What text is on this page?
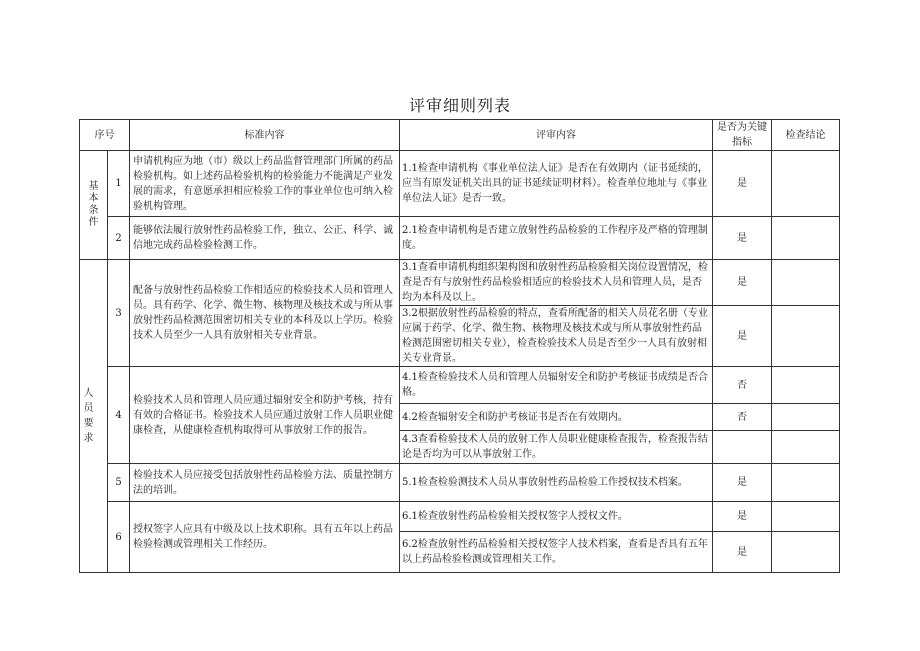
评审细则列表
序号		标准内容	评审内容	是否为关键指标	检查结论
基本条件	1	申请机构应为地（市）级以上药品监督管理部门所属的药品检验机构。如上述药品检验机构的检验能力不能满足产业发展的需求，有意愿承担相应检验工作的事业单位也可纳入检验机构管理。	1.1检查申请机构《事业单位法人证》是否在有效期内（证书延续的，应当有原发证机关出具的证书延续证明材料）。检查单位地址与《事业单位法人证》是否一致。	是	
	2	能够依法履行放射性药品检验工作，独立、公正、科学、诚信地完成药品检验检测工作。	2.1检查申请机构是否建立放射性药品检验的工作程序及严格的管理制度。	是	
人员要求	3	配备与放射性药品检验工作相适应的检验技术人员和管理人员。具有药学、化学、微生物、核物理及核技术或与所从事放射性药品检测范围密切相关专业的本科及以上学历。检验技术人员至少一人具有放射相关专业背景。	3.1查看申请机构组织架构图和放射性药品检验相关岗位设置情况，检查是否有与放射性药品检验相适应的检验技术人员和管理人员，是否均为本科及以上。	是	
			3.2根据放射性药品检验的特点，查看所配备的相关人员花名册（专业应属于药学、化学、微生物、核物理及核技术或与所从事放射性药品检测范围密切相关专业），检查检验技术人员是否至少一人具有放射相关专业背景。	是	
	4	检验技术人员和管理人员应通过辐射安全和防护考核，持有有效的合格证书。检验技术人员应通过放射工作人员职业健康检查，从健康检查机构取得可从事放射工作的报告。	4.1检查检验技术人员和管理人员辐射安全和防护考核证书成绩是否合格。	否	
			4.2检查辐射安全和防护考核证书是否在有效期内。	否	
			4.3查看检验技术人员的放射工作人员职业健康检查报告，检查报告结论是否均为可以从事放射工作。		
	5	检验技术人员应接受包括放射性药品检验方法、质量控制方法的培训。	5.1检查检验测技术人员从事放射性药品检验工作授权技术档案。	是	
	6	授权签字人应具有中级及以上技术职称。具有五年以上药品检验检测或管理相关工作经历。	6.1检查放射性药品检验相关授权签字人授权文件。	是	
			6.2检查放射性药品检验相关授权签字人技术档案，查看是否具有五年以上药品检验检测或管理相关工作。	是	
